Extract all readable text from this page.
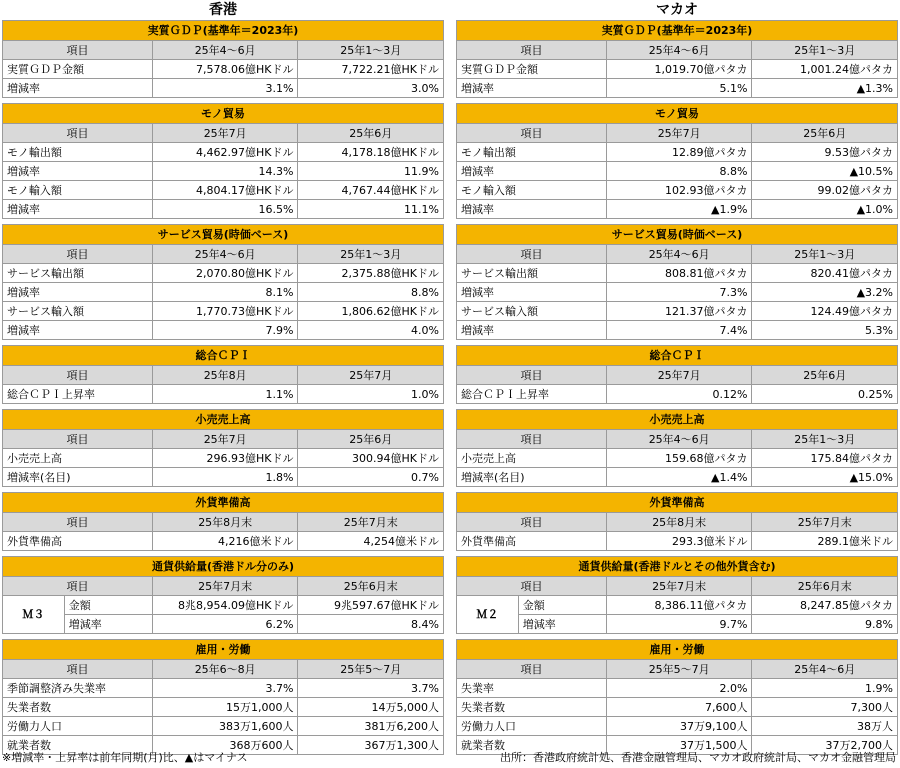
香港
実質ＧＤＰ(基準年＝2023年)		
項目	25年4～6月	25年1～3月
実質ＧＤＰ金額	7,578.06億HKドル	7,722.21億HKドル
増減率	3.1%	3.0%
モノ貿易		
項目	25年7月	25年6月
モノ輸出額	4,462.97億HKドル	4,178.18億HKドル
増減率	14.3%	11.9%
モノ輸入額	4,804.17億HKドル	4,767.44億HKドル
増減率	16.5%	11.1%
サービス貿易(時価ベース)		
項目	25年4～6月	25年1～3月
サービス輸出額	2,070.80億HKドル	2,375.88億HKドル
増減率	8.1%	8.8%
サービス輸入額	1,770.73億HKドル	1,806.62億HKドル
増減率	7.9%	4.0%
総合ＣＰＩ		
項目	25年8月	25年7月
総合ＣＰＩ上昇率	1.1%	1.0%
小売売上高		
項目	25年7月	25年6月
小売売上高	296.93億HKドル	300.94億HKドル
増減率(名目)	1.8%	0.7%
外貨準備高		
項目	25年8月末	25年7月末
外貨準備高	4,216億米ドル	4,254億米ドル
通貨供給量(香港ドル分のみ)			
項目		25年7月末	25年6月末
Ｍ３	金額	8兆8,954.09億HKドル	9兆597.67億HKドル
	増減率	6.2%	8.4%
雇用・労働		
項目	25年6～8月	25年5～7月
季節調整済み失業率	3.7%	3.7%
失業者数	15万1,000人	14万5,000人
労働力人口	383万1,600人	381万6,200人
就業者数	368万600人	367万1,300人
マカオ
実質ＧＤＰ(基準年＝2023年)		
項目	25年4～6月	25年1～3月
実質ＧＤＰ金額	1,019.70億パタカ	1,001.24億パタカ
増減率	5.1%	▲1.3%
モノ貿易		
項目	25年7月	25年6月
モノ輸出額	12.89億パタカ	9.53億パタカ
増減率	8.8%	▲10.5%
モノ輸入額	102.93億パタカ	99.02億パタカ
増減率	▲1.9%	▲1.0%
サービス貿易(時価ベース)		
項目	25年4～6月	25年1～3月
サービス輸出額	808.81億パタカ	820.41億パタカ
増減率	7.3%	▲3.2%
サービス輸入額	121.37億パタカ	124.49億パタカ
増減率	7.4%	5.3%
総合ＣＰＩ		
項目	25年7月	25年6月
総合ＣＰＩ上昇率	0.12%	0.25%
小売売上高		
項目	25年4～6月	25年1～3月
小売売上高	159.68億パタカ	175.84億パタカ
増減率(名目)	▲1.4%	▲15.0%
外貨準備高		
項目	25年8月末	25年7月末
外貨準備高	293.3億米ドル	289.1億米ドル
通貨供給量(香港ドルとその他外貨含む)			
項目		25年7月末	25年6月末
Ｍ２	金額	8,386.11億パタカ	8,247.85億パタカ
	増減率	9.7%	9.8%
雇用・労働		
項目	25年5～7月	25年4～6月
失業率	2.0%	1.9%
失業者数	7,600人	7,300人
労働力人口	37万9,100人	38万人
就業者数	37万1,500人	37万2,700人
※増減率・上昇率は前年同期(月)比、▲はマイナス	出所：香港政府統計処、香港金融管理局、マカオ政府統計局、マカオ金融管理局
